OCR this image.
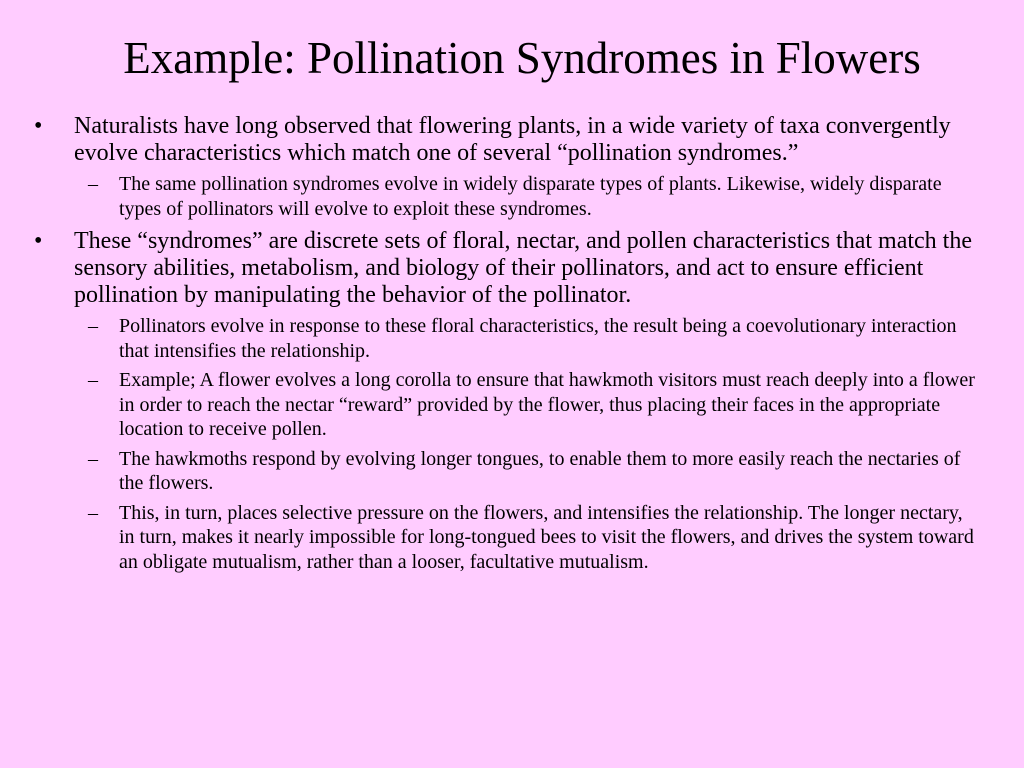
Example: Pollination Syndromes in Flowers
• Naturalists have long observed that flowering plants, in a wide variety of taxa convergently evolve characteristics which match one of several “pollination syndromes.”
– The same pollination syndromes evolve in widely disparate types of plants. Likewise, widely disparate types of pollinators will evolve to exploit these syndromes.
• These “syndromes” are discrete sets of floral, nectar, and pollen characteristics that match the sensory abilities, metabolism, and biology of their pollinators, and act to ensure efficient pollination by manipulating the behavior of the pollinator.
– Pollinators evolve in response to these floral characteristics, the result being a coevolutionary interaction that intensifies the relationship.
– Example; A flower evolves a long corolla to ensure that hawkmoth visitors must reach deeply into a flower in order to reach the nectar “reward” provided by the flower, thus placing their faces in the appropriate location to receive pollen.
– The hawkmoths respond by evolving longer tongues, to enable them to more easily reach the nectaries of the flowers.
– This, in turn, places selective pressure on the flowers, and intensifies the relationship. The longer nectary, in turn, makes it nearly impossible for long-tongued bees to visit the flowers, and drives the system toward an obligate mutualism, rather than a looser, facultative mutualism.
